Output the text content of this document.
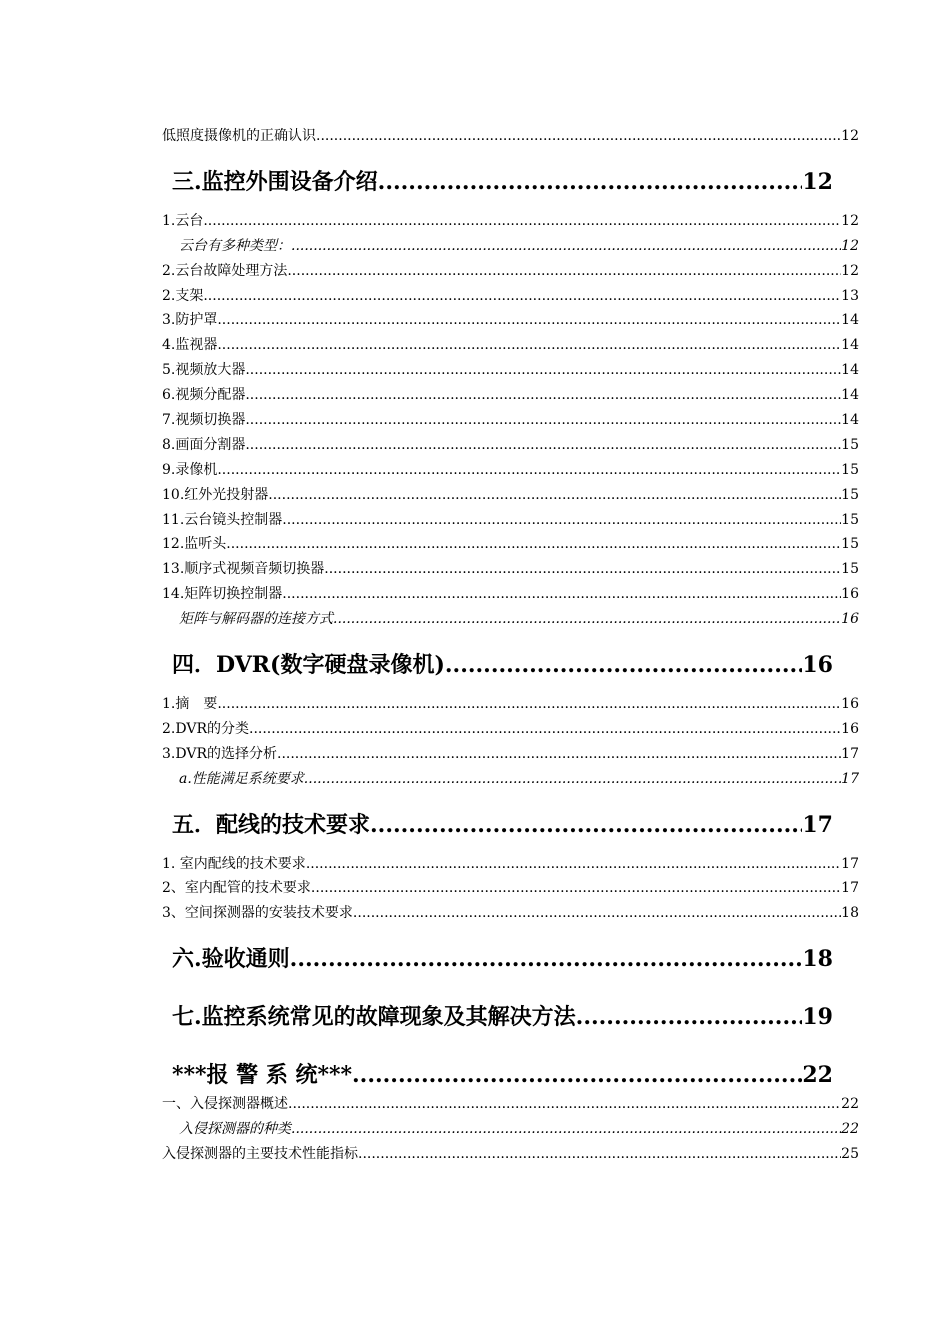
低照度摄像机的正确认识 .....	12
三.监控外围设备介绍 .....	12
1.云台 .....	12
云台有多种类型： .....	12
2.云台故障处理方法 .....	12
2.支架 .....	13
3.防护罩 .....	14
4.监视器 .....	14
5.视频放大器 .....	14
6.视频分配器 .....	14
7.视频切换器 .....	14
8.画面分割器 .....	15
9.录像机 .....	15
10.红外光投射器 .....	15
11.云台镜头控制器 .....	15
12.监听头 .....	15
13.顺序式视频音频切换器 .....	15
14.矩阵切换控制器 .....	16
矩阵与解码器的连接方式 .....	16
四．DVR(数字硬盘录像机) .....	16
1.摘　要 .....	16
2.DVR的分类 .....	16
3.DVR的选择分析 .....	17
a.性能满足系统要求 .....	17
五．配线的技术要求 .....	17
1. 室内配线的技术要求 .....	17
2、室内配管的技术要求 .....	17
3、空间探测器的安装技术要求 .....	18
六.验收通则 .....	18
七.监控系统常见的故障现象及其解决方法 .....	19
***报 警 系 统*** .....	22
一、入侵探测器概述 .....	22
入侵探测器的种类 .....	22
入侵探测器的主要技术性能指标 .....	25
